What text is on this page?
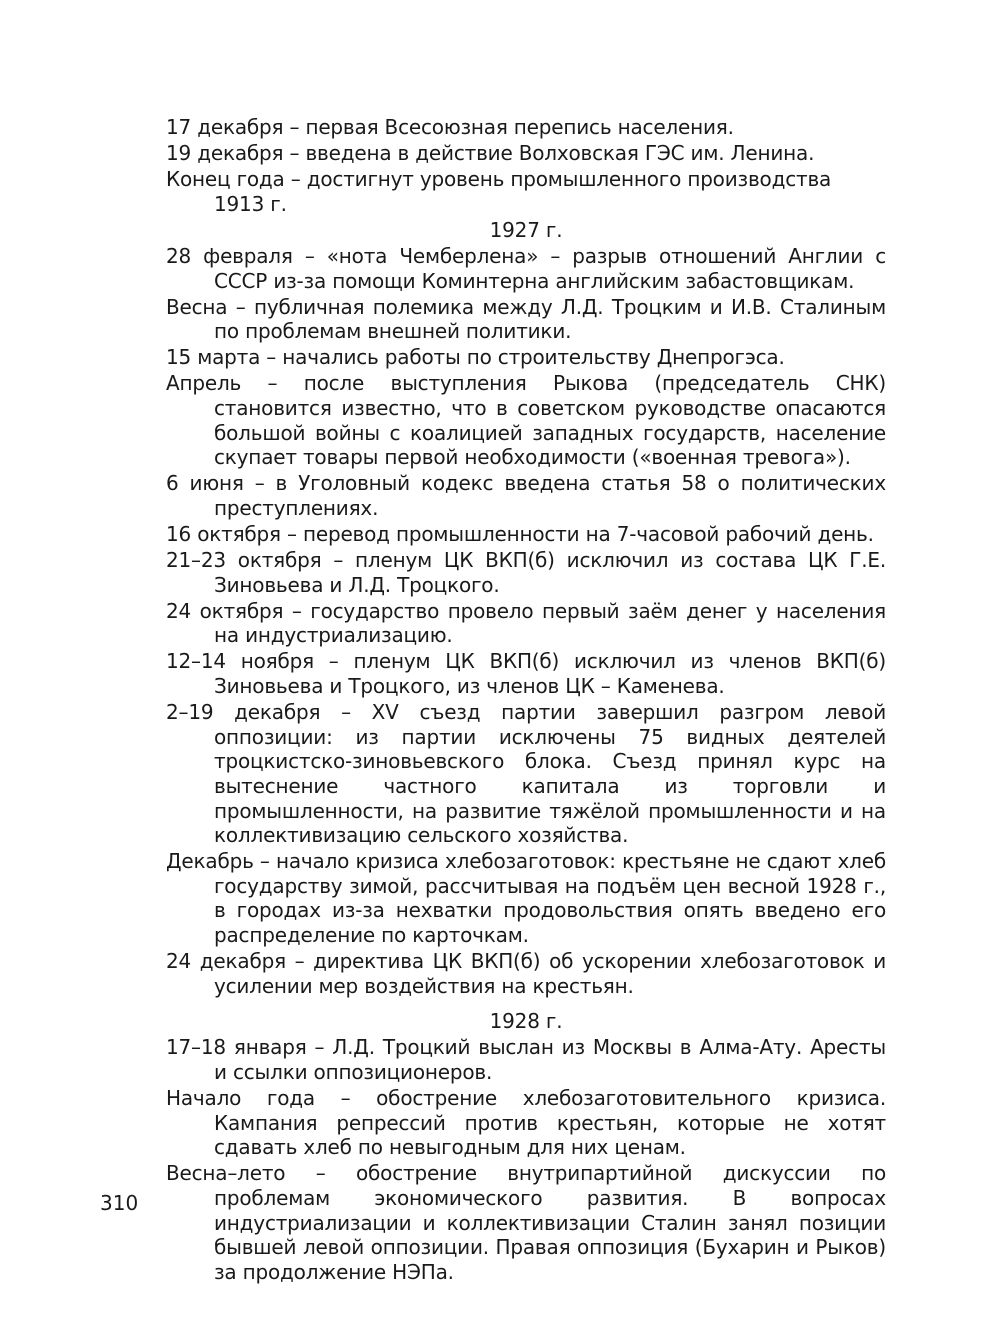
17 декабря – первая Всесоюзная перепись населения.

19 декабря – введена в действие Волховская ГЭС им. Ленина.

Конец года – достигнут уровень промышленного производства 1913 г.

1927 г.

28 февраля – «нота Чемберлена» – разрыв отношений Англии с СССР из-за помощи Коминтерна английским забастовщикам.

Весна – публичная полемика между Л.Д. Троцким и И.В. Сталиным по проблемам внешней политики.

15 марта – начались работы по строительству Днепрогэса.

Апрель – после выступления Рыкова (председатель СНК) становится известно, что в советском руководстве опасаются большой войны с коалицией западных государств, население скупает товары первой необходимости («военная тревога»).

6 июня – в Уголовный кодекс введена статья 58 о политических преступлениях.

16 октября – перевод промышленности на 7-часовой рабочий день.

21–23 октября – пленум ЦК ВКП(б) исключил из состава ЦК Г.Е. Зиновьева и Л.Д. Троцкого.

24 октября – государство провело первый заём денег у населения на индустриализацию.

12–14 ноября – пленум ЦК ВКП(б) исключил из членов ВКП(б) Зиновьева и Троцкого, из членов ЦК – Каменева.

2–19 декабря – XV съезд партии завершил разгром левой оппозиции: из партии исключены 75 видных деятелей троцкистско-зиновьевского блока. Съезд принял курс на вытеснение частного капитала из торговли и промышленности, на развитие тяжёлой промышленности и на коллективизацию сельского хозяйства.

Декабрь – начало кризиса хлебозаготовок: крестьяне не сдают хлеб государству зимой, рассчитывая на подъём цен весной 1928 г., в городах из-за нехватки продовольствия опять введено его распределение по карточкам.

24 декабря – директива ЦК ВКП(б) об ускорении хлебозаготовок и усилении мер воздействия на крестьян.

1928 г.

17–18 января – Л.Д. Троцкий выслан из Москвы в Алма-Ату. Аресты и ссылки оппозиционеров.

Начало года – обострение хлебозаготовительного кризиса. Кампания репрессий против крестьян, которые не хотят сдавать хлеб по невыгодным для них ценам.

Весна–лето – обострение внутрипартийной дискуссии по проблемам экономического развития. В вопросах индустриализации и коллективизации Сталин занял позиции бывшей левой оппозиции. Правая оппозиция (Бухарин и Рыков) за продолжение НЭПа.

310
